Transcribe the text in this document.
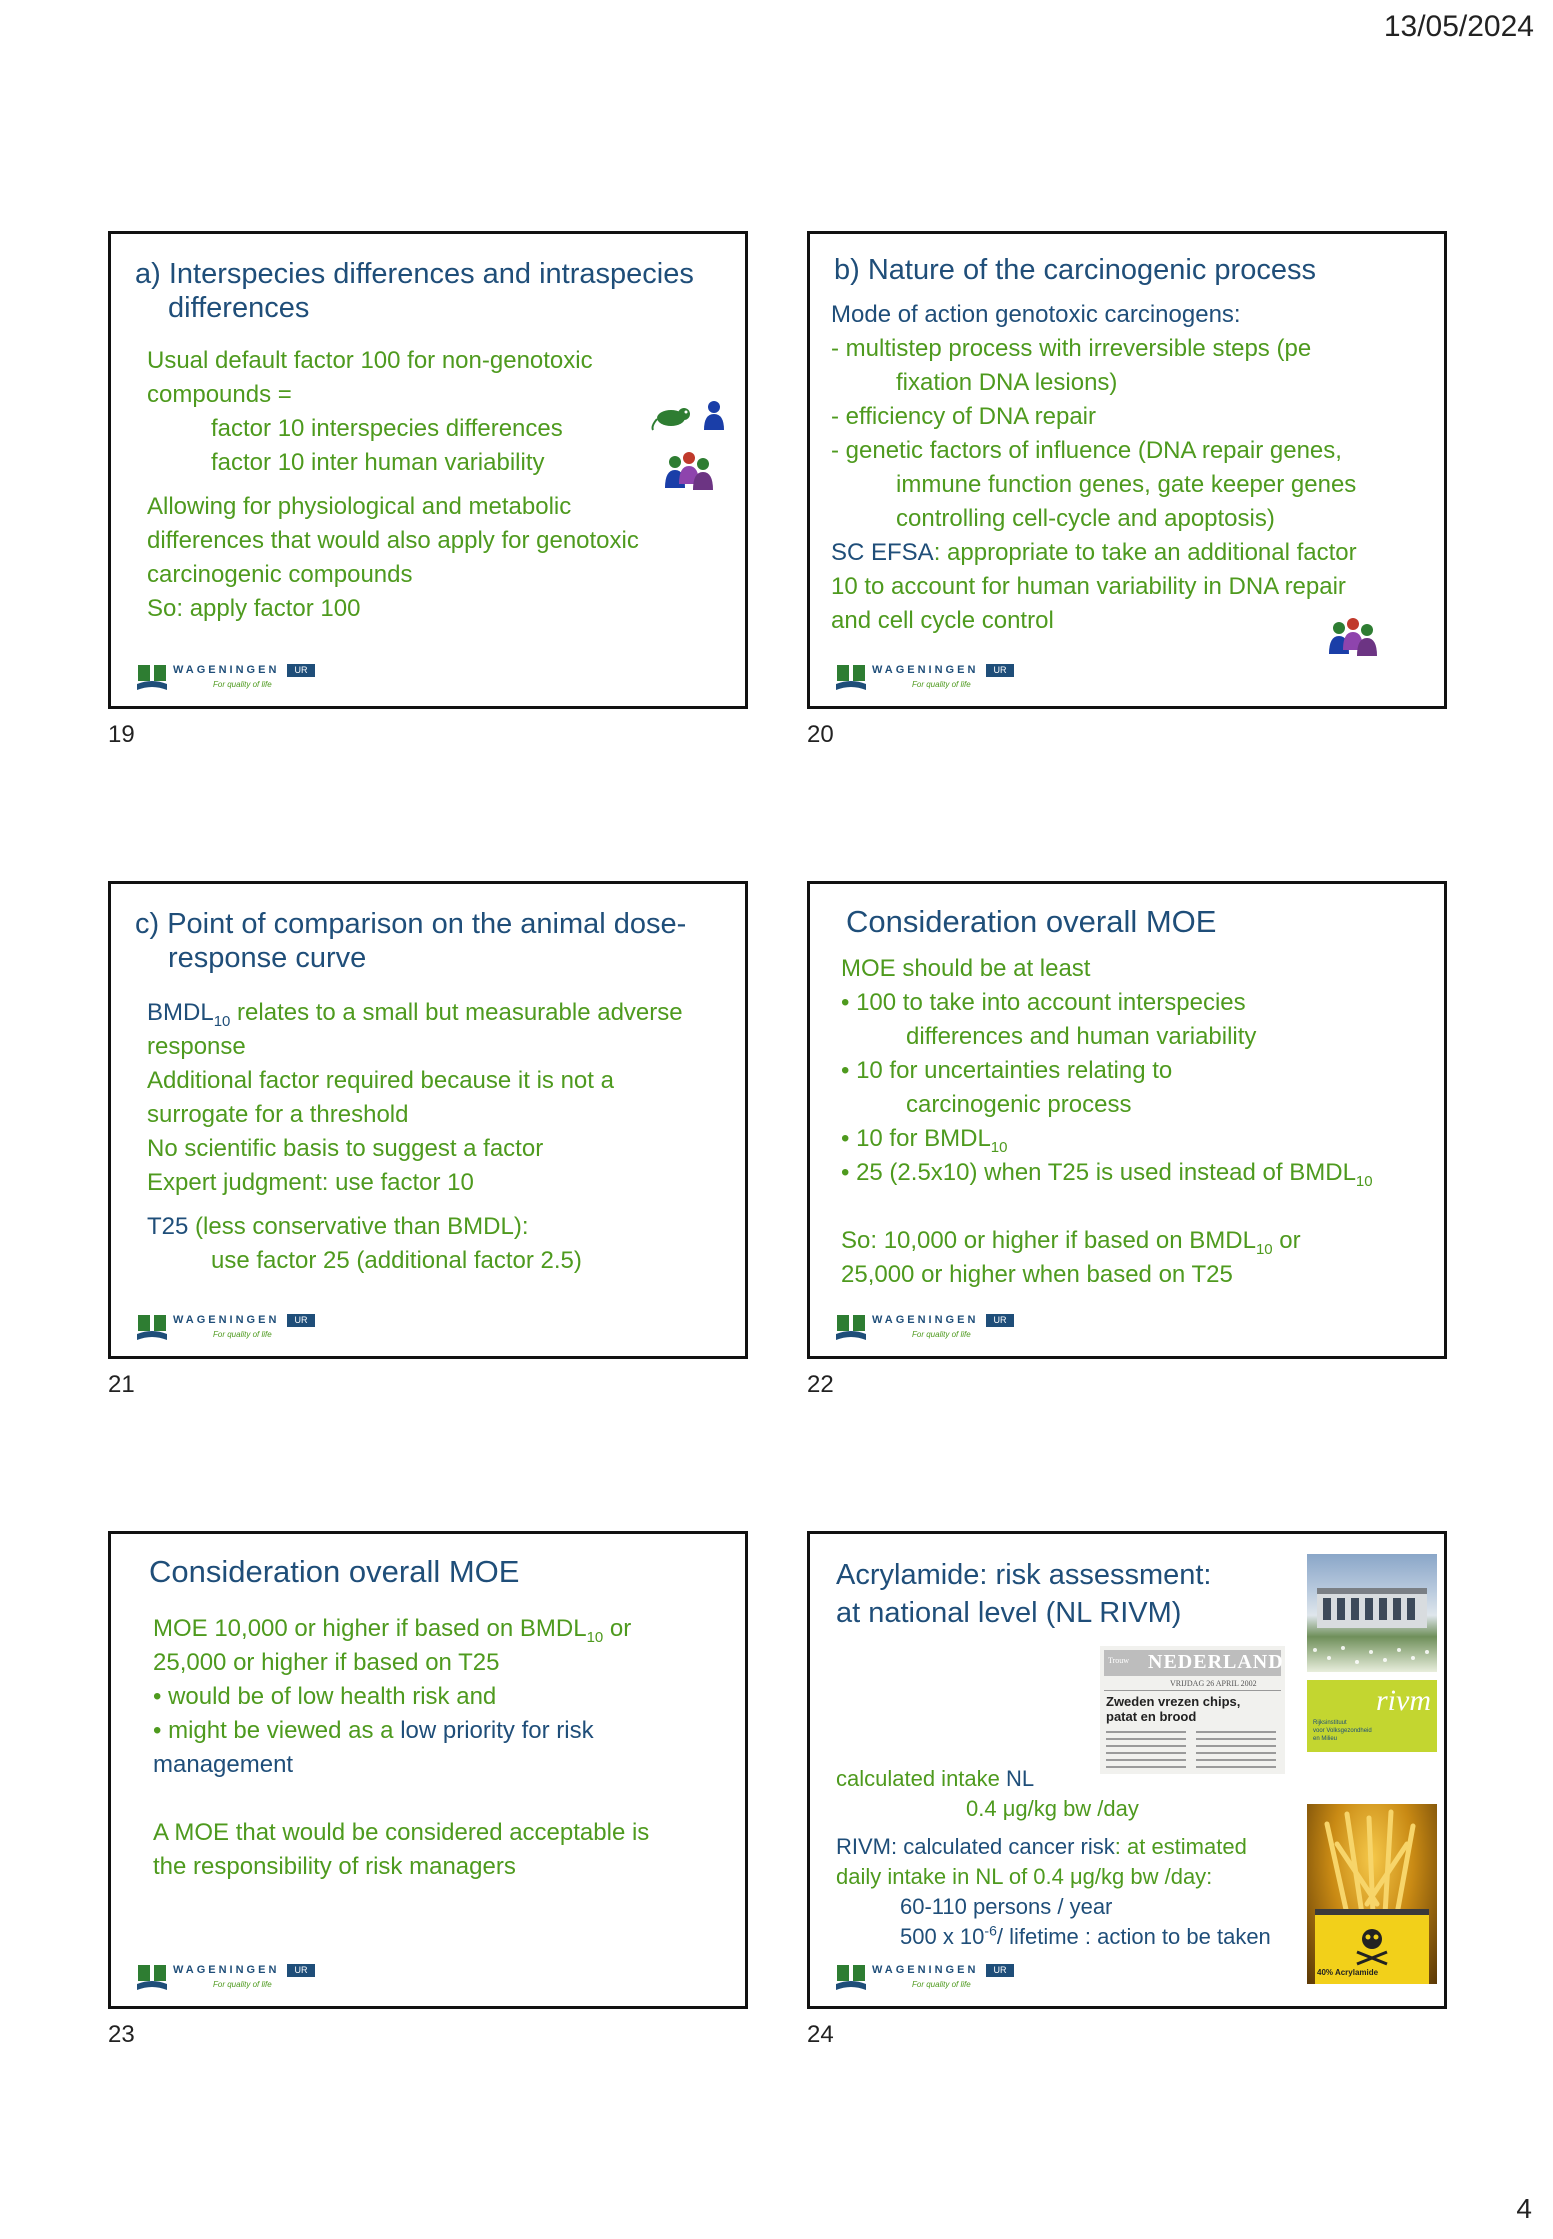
13/05/2024
a) Interspecies differences and intraspecies
differences
Usual default factor 100 for non-genotoxic
compounds =
factor 10 interspecies differences
factor 10 inter human variability
Allowing for physiological and metabolic
differences that would also apply for genotoxic
carcinogenic compounds
So: apply factor 100
WAGENINGEN	UR
For quality of life
19
b) Nature of the carcinogenic process
Mode of action genotoxic carcinogens:
- multistep process with irreversible steps (pe
fixation DNA lesions)
- efficiency of DNA repair
- genetic factors of influence (DNA repair genes,
immune function genes, gate keeper genes
controlling cell-cycle and apoptosis)
SC EFSA: appropriate to take an additional factor
10 to account for human variability in DNA repair
and cell cycle control
WAGENINGEN	UR
For quality of life
20
c) Point of comparison on the animal dose-
response curve
$BMDL_{10}$ relates to a small but measurable adverse
response
Additional factor required because it is not a
surrogate for a threshold
No scientific basis to suggest a factor
Expert judgment: use factor 10
T25 (less conservative than BMDL):
use factor 25 (additional factor 2.5)
WAGENINGEN	UR
For quality of life
21
Consideration overall MOE
MOE should be at least
• 100 to take into account interspecies
differences and human variability
• 10 for uncertainties relating to
carcinogenic process
• 10 for $BMDL_{10}$
• 25 (2.5x10) when T25 is used instead of $BMDL_{10}$
So: 10,000 or higher if based on $BMDL_{10}$ or
25,000 or higher when based on T25
WAGENINGEN	UR
For quality of life
22
Consideration overall MOE
MOE 10,000 or higher if based on $BMDL_{10}$ or
25,000 or higher if based on T25
• would be of low health risk and
• might be viewed as a low priority for risk
management
A MOE that would be considered acceptable is
the responsibility of risk managers
WAGENINGEN	UR
For quality of life
23
Acrylamide: risk assessment:
at national level (NL RIVM)
Trouw NEDERLAND
VRIJDAG 26 APRIL 2002
Zweden vrezen chips,
patat en brood	rivm
Rijksinstituut
voor Volksgezondheid
en Milieu
calculated intake NL
0.4 μg/kg bw /day
RIVM: calculated cancer risk: at estimated
daily intake in NL of 0.4 μg/kg bw /day:
60-110 persons / year
500 x $10^{-6}/$ lifetime : action to be taken
40% Acrylamide
WAGENINGEN	UR
For quality of life
24
4
